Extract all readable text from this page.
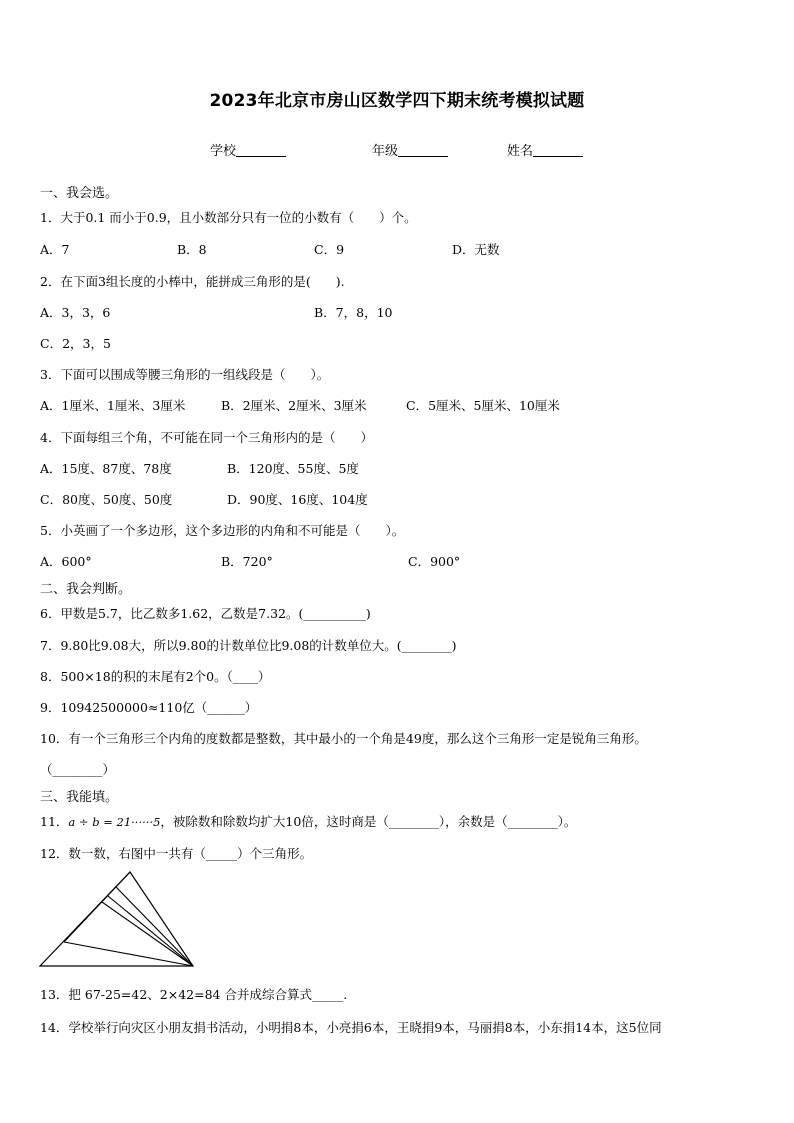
2023年北京市房山区数学四下期末统考模拟试题
学校	年级	姓名
一、我会选。
1．大于0.1 而小于0.9，且小数部分只有一位的小数有（　　）个。
A．7	B．8	C．9	D．无数
2．在下面3组长度的小棒中，能拼成三角形的是(　　).
A．3，3，6	B．7，8，10
C．2，3，5
3．下面可以围成等腰三角形的一组线段是（　　）。
A．1厘米、1厘米、3厘米	B．2厘米、2厘米、3厘米	C．5厘米、5厘米、10厘米
4．下面每组三个角，不可能在同一个三角形内的是（　　）
A．15度、87度、78度	B．120度、55度、5度
C．80度、50度、50度	D．90度、16度、104度
5．小英画了一个多边形，这个多边形的内角和不可能是（　　）。
A．600°	B．720°	C．900°
二、我会判断。
6．甲数是5.7，比乙数多1.62，乙数是7.32。(__________)
7．9.80比9.08大，所以9.80的计数单位比9.08的计数单位大。(________)
8．500×18的积的末尾有2个0。（____）
9．10942500000≈110亿（______）
10．有一个三角形三个内角的度数都是整数，其中最小的一个角是49度，那么这个三角形一定是锐角三角形。
（________）
三、我能填。
11．a ÷ b = 21······5，被除数和除数均扩大10倍，这时商是（________），余数是（________）。
12．数一数，右图中一共有（_____）个三角形。
13．把 67-25=42、2×42=84 合并成综合算式_____.
14．学校举行向灾区小朋友捐书活动，小明捐8本，小亮捐6本，王晓捐9本，马丽捐8本，小东捐14本，这5位同
